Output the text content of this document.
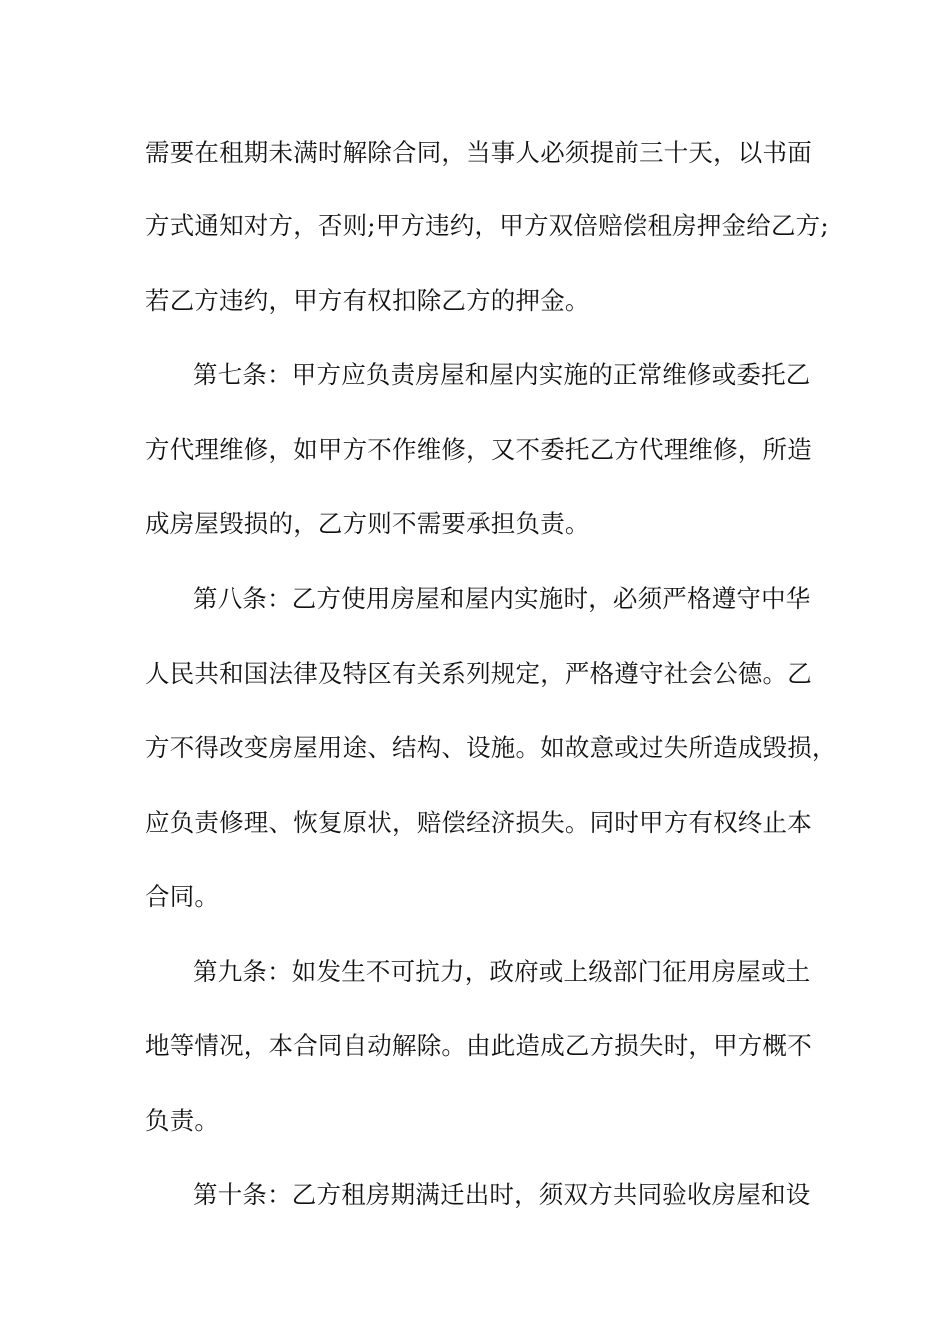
需要在租期未满时解除合同，当事人必须提前三十天，以书面
方式通知对方，否则;甲方违约，甲方双倍赔偿租房押金给乙方;
若乙方违约，甲方有权扣除乙方的押金。
第七条：甲方应负责房屋和屋内实施的正常维修或委托乙
方代理维修，如甲方不作维修，又不委托乙方代理维修，所造
成房屋毁损的，乙方则不需要承担负责。
第八条：乙方使用房屋和屋内实施时，必须严格遵守中华
人民共和国法律及特区有关系列规定，严格遵守社会公德。乙
方不得改变房屋用途、结构、设施。如故意或过失所造成毁损，
应负责修理、恢复原状，赔偿经济损失。同时甲方有权终止本
合同。
第九条：如发生不可抗力，政府或上级部门征用房屋或土
地等情况，本合同自动解除。由此造成乙方损失时，甲方概不
负责。
第十条：乙方租房期满迁出时，须双方共同验收房屋和设
